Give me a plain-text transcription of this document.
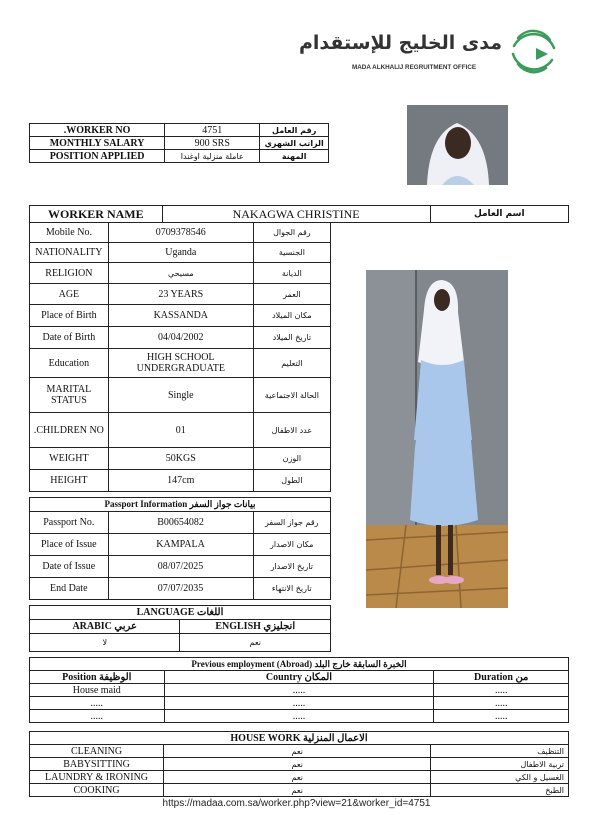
مدى الخليج للإستقدام
MADA ALKHALIJ REGRUITMENT OFFICE
.WORKER NO	4751	رقم العامل
MONTHLY SALARY	900 SRS	الراتب الشهري
POSITION APPLIED	عاملة منزلية اوغندا	المهنة
WORKER NAME	NAKAGWA CHRISTINE	اسم العامل
Mobile No.	0709378546	رقم الجوال
NATIONALITY	Uganda	الجنسية
RELIGION	مسيحي	الديانة
AGE	23 YEARS	العمر
Place of Birth	KASSANDA	مكان الميلاد
Date of Birth	04/04/2002	تاريخ الميلاد
Education	HIGH SCHOOL UNDERGRADUATE	التعليم
MARITAL STATUS	Single	الحالة الاجتماعية
.CHILDREN NO	01	عدد الاطفال
WEIGHT	50KGS	الوزن
HEIGHT	147cm	الطول
Passport Information بيانات جواز السفر		
Passport No.	B00654082	رقم جواز السفر
Place of Issue	KAMPALA	مكان الاصدار
Date of Issue	08/07/2025	تاريخ الاصدار
End Date	07/07/2035	تاريخ الانتهاء
LANGUAGE اللغات	
ARABIC عربي	ENGLISH انجليزي
لا	نعم
Previous employment (Abroad) الخبرة السابقة خارج البلد		
Position الوظيفة	Country المكان	Duration من
House maid	.....	.....
.....	.....	.....
.....	.....	.....
HOUSE WORK الاعمال المنزلية		
CLEANING	نعم	التنظيف
BABYSITTING	نعم	تربية الاطفال
LAUNDRY & IRONING	نعم	الغسيل و الكي
COOKING	نعم	الطبخ
https://madaa.com.sa/worker.php?view=21&worker_id=4751
